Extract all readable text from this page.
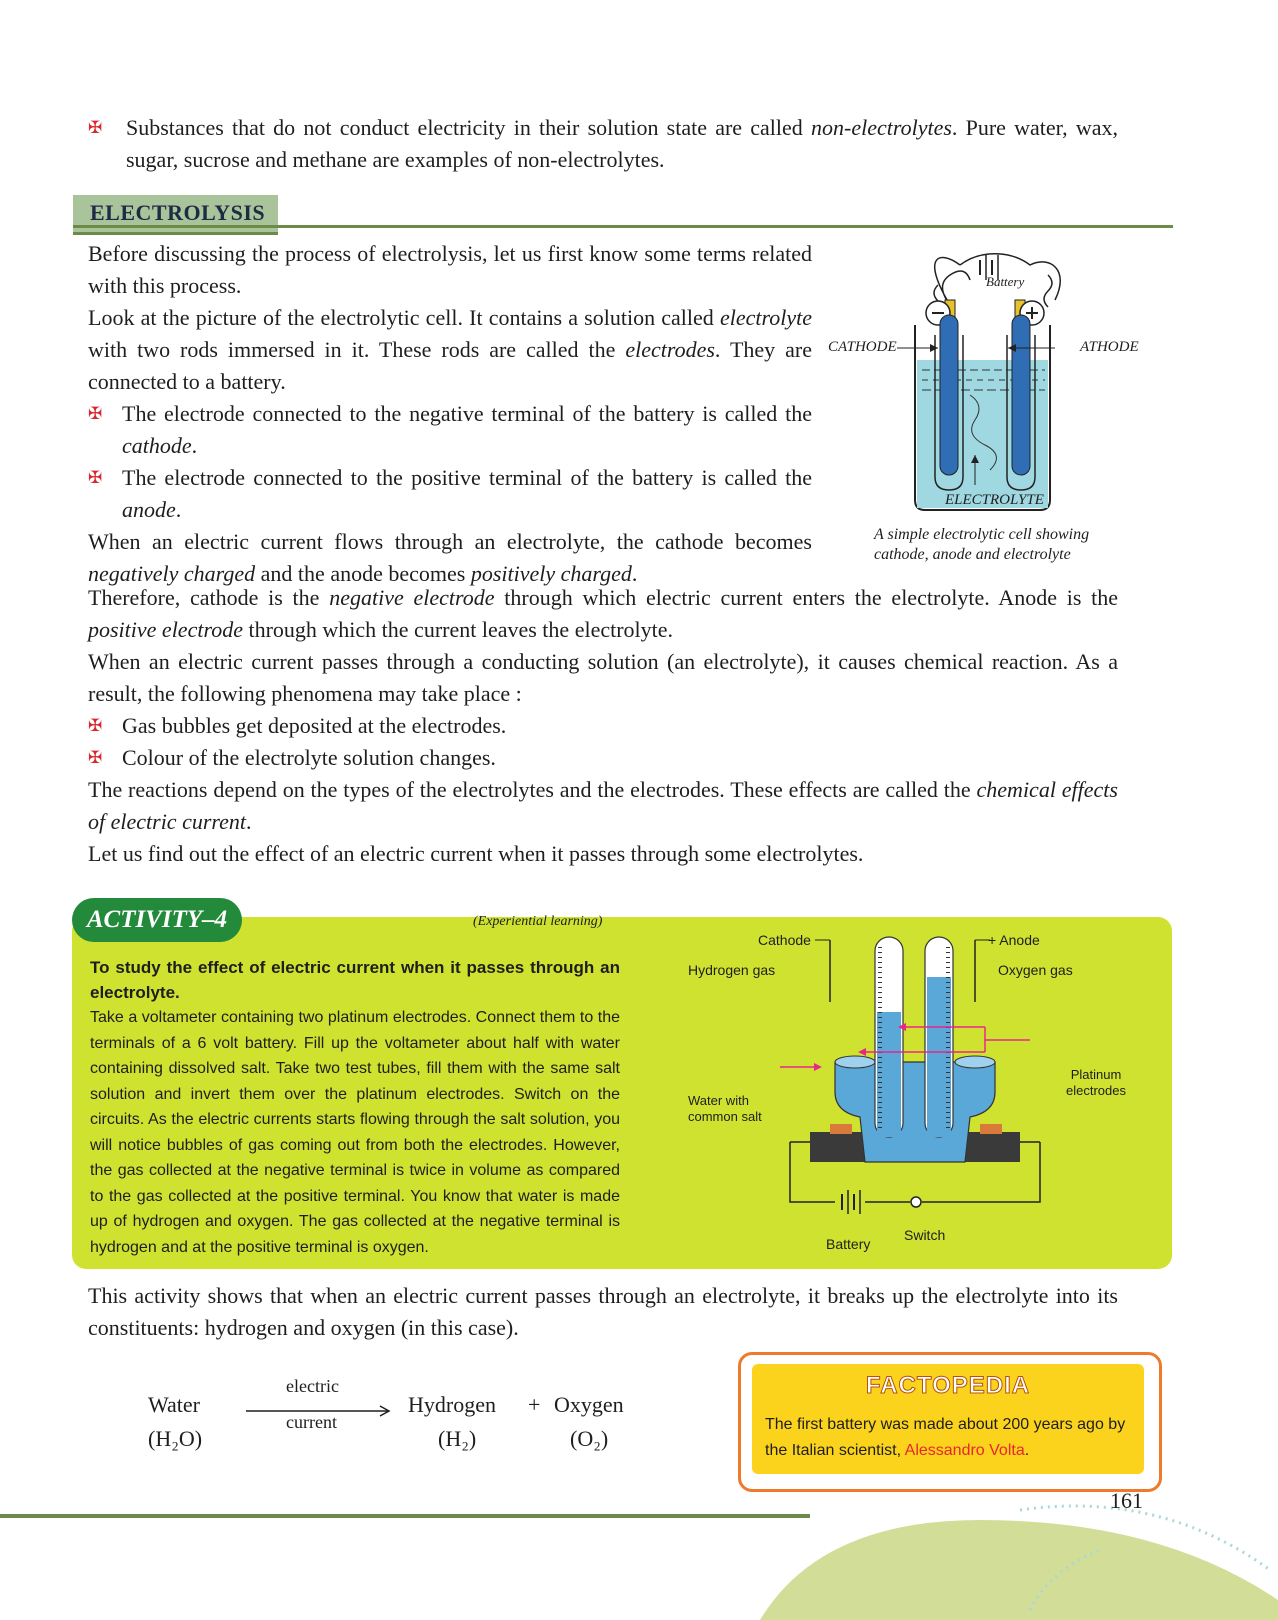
✠	Substances that do not conduct electricity in their solution state are called non-electrolytes. Pure water, wax, sugar, sucrose and methane are examples of non-electrolytes.

ELECTROLYSIS

Before discussing the process of electrolysis, let us first know some terms related with this process.

Look at the picture of the electrolytic cell. It contains a solution called electrolyte with two rods immersed in it. These rods are called the electrodes. They are connected to a battery.

✠ The electrode connected to the negative terminal of the battery is called the cathode.

✠ The electrode connected to the positive terminal of the battery is called the anode.

When an electric current flows through an electrolyte, the cathode becomes negatively charged and the anode becomes positively charged.

Therefore, cathode is the negative electrode through which electric current enters the electrolyte. Anode is the positive electrode through which the current leaves the electrolyte.

When an electric current passes through a conducting solution (an electrolyte), it causes chemical reaction. As a result, the following phenomena may take place :

✠ Gas bubbles get deposited at the electrodes.

✠ Colour of the electrolyte solution changes.

The reactions depend on the types of the electrolytes and the electrodes. These effects are called the chemical effects of electric current.

Let us find out the effect of an electric current when it passes through some electrolytes.

Battery
CATHODE	ATHODE
ELECTROLYTE
A simple electrolytic cell showing cathode, anode and electrolyte
ACTIVITY–4	(Experiential learning)
To study the effect of electric current when it passes through an electrolyte.
Take a voltameter containing two platinum electrodes. Connect them to the terminals of a 6 volt battery. Fill up the voltameter about half with water containing dissolved salt. Take two test tubes, fill them with the same salt solution and invert them over the platinum electrodes. Switch on the circuits. As the electric currents starts flowing through the salt solution, you will notice bubbles of gas coming out from both the electrodes. However, the gas collected at the negative terminal is twice in volume as compared to the gas collected at the positive terminal. You know that water is made up of hydrogen and oxygen. The gas collected at the negative terminal is hydrogen and at the positive terminal is oxygen.
Cathode	+ Anode
Hydrogen gas	Oxygen gas
Water with
common salt
Platinum
electrodes
Battery
Switch
This activity shows that when an electric current passes through an electrolyte, it breaks up the electrolyte into its constituents: hydrogen and oxygen (in this case).
Water
(H₂O)
electric
current
Hydrogen
(H₂)
+ Oxygen
(O₂)
FACTOPEDIA
The first battery was made about 200 years ago by the Italian scientist, Alessandro Volta.
161
